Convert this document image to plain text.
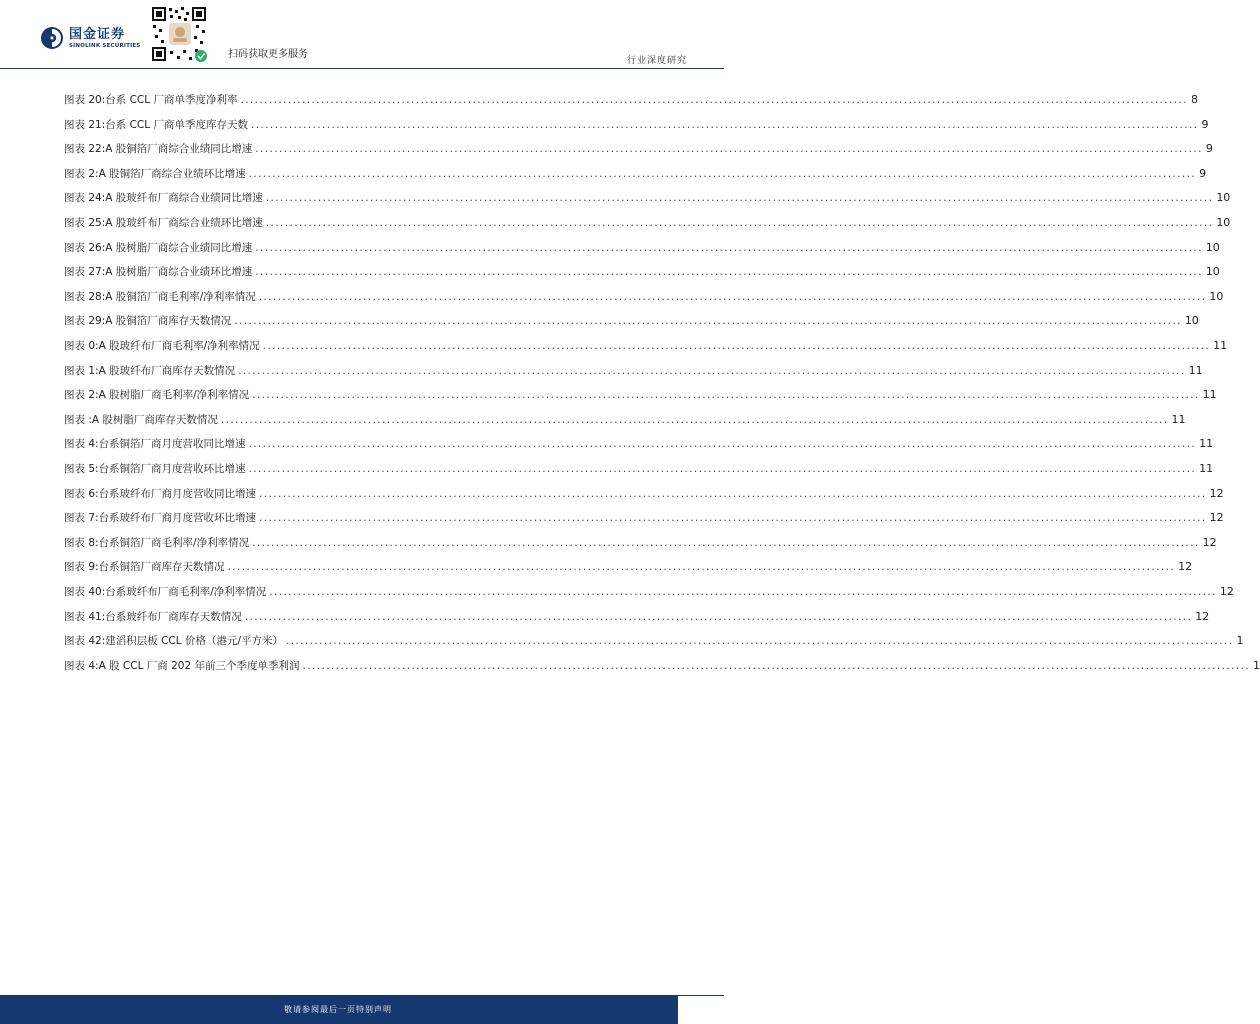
国金证券
SINOLINK SECURITIES
扫码获取更多服务
行业深度研究
图表 20: 台系 CCL 厂商单季度净利率 ........................................................................................................................................................................................................ 8
图表 21: 台系 CCL 厂商单季度库存天数 ........................................................................................................................................................................................................ 9
图表 22: A 股铜箔厂商综合业绩同比增速 ........................................................................................................................................................................................................ 9
图表 2: A 股铜箔厂商综合业绩环比增速 ........................................................................................................................................................................................................ 9
图表 24: A 股玻纤布厂商综合业绩同比增速 ........................................................................................................................................................................................................ 10
图表 25: A 股玻纤布厂商综合业绩环比增速 ........................................................................................................................................................................................................ 10
图表 26: A 股树脂厂商综合业绩同比增速 ........................................................................................................................................................................................................ 10
图表 27: A 股树脂厂商综合业绩环比增速 ........................................................................................................................................................................................................ 10
图表 28: A 股铜箔厂商毛利率/净利率情况 ........................................................................................................................................................................................................ 10
图表 29: A 股铜箔厂商库存天数情况 ........................................................................................................................................................................................................ 10
图表 0: A 股玻纤布厂商毛利率/净利率情况 ........................................................................................................................................................................................................ 11
图表 1: A 股玻纤布厂商库存天数情况 ........................................................................................................................................................................................................ 11
图表 2: A 股树脂厂商毛利率/净利率情况 ........................................................................................................................................................................................................ 11
图表 : A 股树脂厂商库存天数情况 ........................................................................................................................................................................................................ 11
图表 4: 台系铜箔厂商月度营收同比增速 ........................................................................................................................................................................................................ 11
图表 5: 台系铜箔厂商月度营收环比增速 ........................................................................................................................................................................................................ 11
图表 6: 台系玻纤布厂商月度营收同比增速 ........................................................................................................................................................................................................ 12
图表 7: 台系玻纤布厂商月度营收环比增速 ........................................................................................................................................................................................................ 12
图表 8: 台系铜箔厂商毛利率/净利率情况 ........................................................................................................................................................................................................ 12
图表 9: 台系铜箔厂商库存天数情况 ........................................................................................................................................................................................................ 12
图表 40: 台系玻纤布厂商毛利率/净利率情况 ........................................................................................................................................................................................................ 12
图表 41: 台系玻纤布厂商库存天数情况 ........................................................................................................................................................................................................ 12
图表 42: 建滔积层板 CCL 价格（港元/平方米） ........................................................................................................................................................................................................ 1
图表 4: A 股 CCL 厂商 202 年前三个季度单季利润 ........................................................................................................................................................................................................ 1
敬请参阅最后一页特别声明
